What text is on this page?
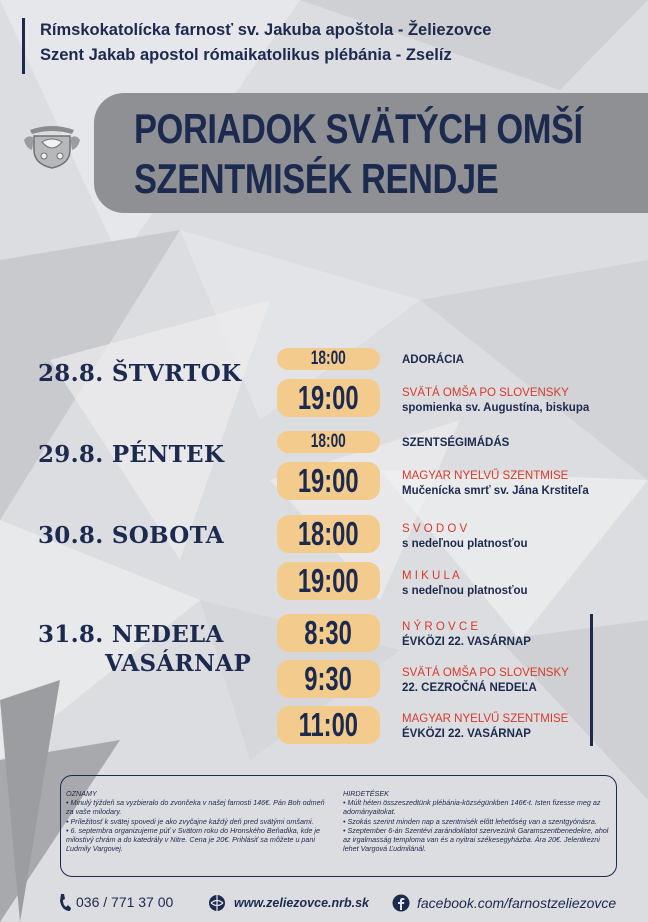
Rímskokatolícka farnosť sv. Jakuba apoštola - Želiezovce
Szent Jakab apostol rómaikatolikus plébánia - Zselíz
PORIADOK SVÄTÝCH OMŠÍ
SZENTMISÉK RENDJE
28.8. ŠTVRTOK
18:00	ADORÁCIA
19:00	SVÄTÁ OMŠA PO SLOVENSKY
spomienka sv. Augustína, biskupa
29.8. PÉNTEK	18:00	SZENTSÉGIMÁDÁS
19:00	MAGYAR NYELVŰ SZENTMISE
Mučenícka smrť sv. Jána Krstiteľa
30.8. SOBOTA	18:00	S V O D O V
s nedeľnou platnosťou
19:00	M I K U L A
s nedeľnou platnosťou
31.8. NEDEĽA
VASÁRNAP
8:30	N Ý R O V C E
ÉVKÖZI 22. VASÁRNAP
9:30	SVÄTÁ OMŠA PO SLOVENSKY
22. CEZROČNÁ NEDEĽA
11:00	MAGYAR NYELVŰ SZENTMISE
ÉVKÖZI 22. VASÁRNAP
OZNAMY
• Minulý týždeň sa vyzbieralo do zvončeka v našej farnosti 146€. Pán Boh odmeň za vaše milodary.
• Príležitosť k svätej spovedi je ako zvyčajne každý deň pred svätými omšami.
• 6. septembra organizujeme púť v Svätom roku do Hronského Beňadika, kde je milostivý chrám a do katedrály v Nitre. Cena je 20€. Prihlásiť sa môžete u pani Ľudmily Vargovej.
HIRDETÉSEK
• Múlt héten összeszedtünk plébánia-községünkben 146€-t. Isten fizesse meg az adományaitokat.
• Szokás szerint minden nap a szentmisék előtt lehetőség van a szentgyónásra.
• Szeptember 6-án Szentévi zarándoklatot szervezünk Garamszentbenedekre, ahol az irgalmasság temploma van és a nyitrai székesegyházba. Ára 20€. Jelentkezni lehet Vargová Ľudmilánál.
036 / 771 37 00	www.zeliezovce.nrb.sk	facebook.com/farnostzeliezovce
